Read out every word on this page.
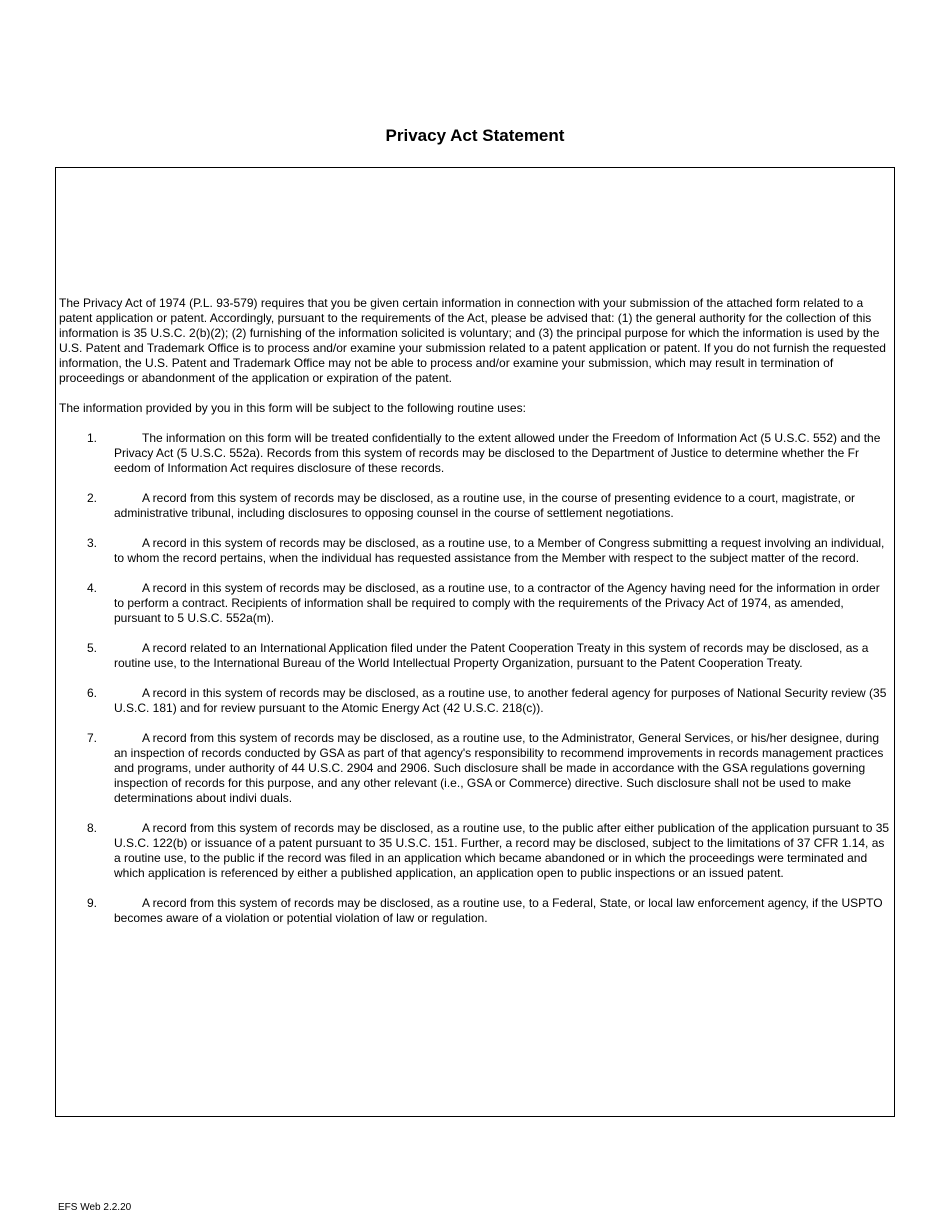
Privacy Act Statement

The Privacy Act of 1974 (P.L. 93-579) requires that you be given certain information in connection with your submission of the attached form related to a patent application or patent. Accordingly, pursuant to the requirements of the Act, please be advised that: (1) the general authority for the collection of this information is 35 U.S.C. 2(b)(2); (2) furnishing of the information solicited is voluntary; and (3) the principal purpose for which the information is used by the U.S. Patent and Trademark Office is to process and/or examine your submission related to a patent application or patent. If you do not furnish the requested information, the U.S. Patent and Trademark Office may not be able to process and/or examine your submission, which may result in termination of proceedings or abandonment of the application or expiration of the patent.

The information provided by you in this form will be subject to the following routine uses:

1.	The information on this form will be treated confidentially to the extent allowed under the Freedom of Information Act (5 U.S.C. 552) and the Privacy Act (5 U.S.C. 552a). Records from this system of records may be disclosed to the Department of Justice to determine whether the Fr eedom of Information Act requires disclosure of these records.
2.	A record from this system of records may be disclosed, as a routine use, in the course of presenting evidence to a court, magistrate, or administrative tribunal, including disclosures to opposing counsel in the course of settlement negotiations.
3.	A record in this system of records may be disclosed, as a routine use, to a Member of Congress submitting a request involving an individual, to whom the record pertains, when the individual has requested assistance from the Member with respect to the subject matter of the record.
4.	A record in this system of records may be disclosed, as a routine use, to a contractor of the Agency having need for the information in order to perform a contract. Recipients of information shall be required to comply with the requirements of the Privacy Act of 1974, as amended, pursuant to 5 U.S.C. 552a(m).
5.	A record related to an International Application filed under the Patent Cooperation Treaty in this system of records may be disclosed, as a routine use, to the International Bureau of the World Intellectual Property Organization, pursuant to the Patent Cooperation Treaty.
6.	A record in this system of records may be disclosed, as a routine use, to another federal agency for purposes of National Security review (35 U.S.C. 181) and for review pursuant to the Atomic Energy Act (42 U.S.C. 218(c)).
7.	A record from this system of records may be disclosed, as a routine use, to the Administrator, General Services, or his/her designee, during an inspection of records conducted by GSA as part of that agency's responsibility to recommend improvements in records management practices and programs, under authority of 44 U.S.C. 2904 and 2906. Such disclosure shall be made in accordance with the GSA regulations governing inspection of records for this purpose, and any other relevant (i.e., GSA or Commerce) directive. Such disclosure shall not be used to make determinations about indivi duals.
8.	A record from this system of records may be disclosed, as a routine use, to the public after either publication of the application pursuant to 35 U.S.C. 122(b) or issuance of a patent pursuant to 35 U.S.C. 151. Further, a record may be disclosed, subject to the limitations of 37 CFR 1.14, as a routine use, to the public if the record was filed in an application which became abandoned or in which the proceedings were terminated and which application is referenced by either a published application, an application open to public inspections or an issued patent.
9.	A record from this system of records may be disclosed, as a routine use, to a Federal, State, or local law enforcement agency, if the USPTO becomes aware of a violation or potential violation of law or regulation.
EFS Web 2.2.20
